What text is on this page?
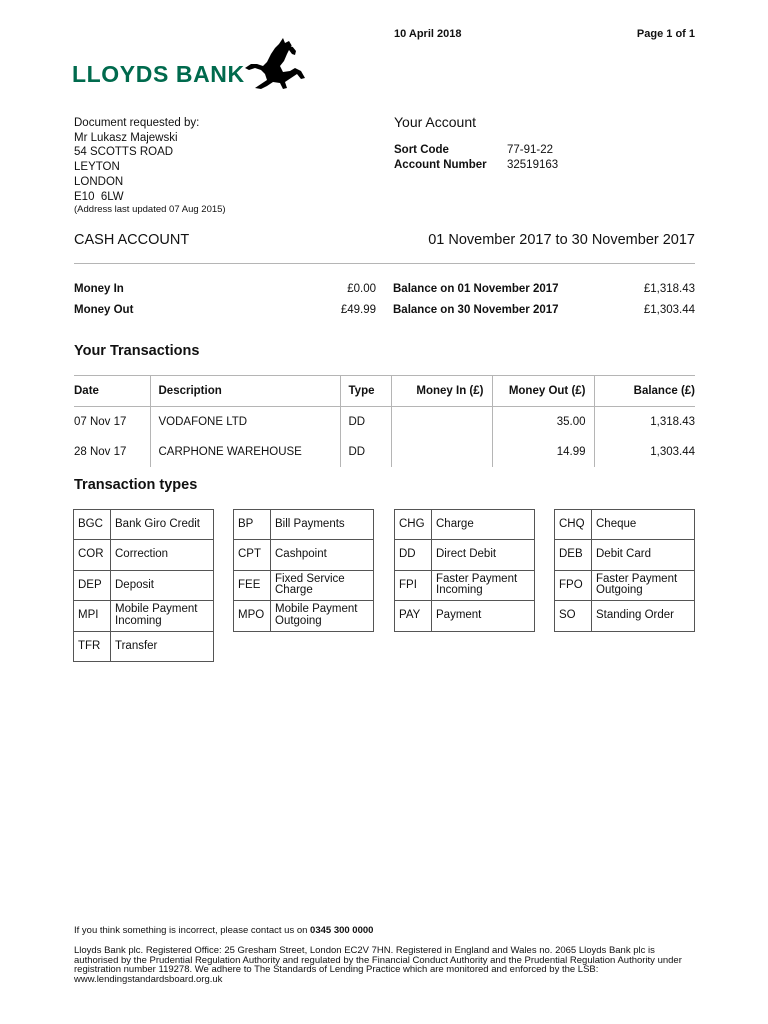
10 April 2018	Page 1 of 1
LLOYDS BANK
Document requested by:
Mr Lukasz Majewski
54 SCOTTS ROAD
LEYTON
LONDON
E10  6LW
(Address last updated 07 Aug 2015)
Your Account
Sort Code	77-91-22
Account Number 32519163
CASH ACCOUNT	01 November 2017 to 30 November 2017
Money In	£0.00
Money Out	£49.99
Balance on 01 November 2017	£1,318.43
Balance on 30 November 2017	£1,303.44
Your Transactions
Date	Description	Type	Money In (£)	Money Out (£)	Balance (£)
07 Nov 17	VODAFONE LTD	DD		35.00	1,318.43
28 Nov 17	CARPHONE WAREHOUSE	DD		14.99	1,303.44
Transaction types
BGC	Bank Giro Credit
COR	Correction
DEP	Deposit
MPI	Mobile Payment Incoming
TFR	Transfer
BP	Bill Payments
CPT	Cashpoint
FEE	Fixed Service Charge
MPO	Mobile Payment Outgoing
CHG	Charge
DD	Direct Debit
FPI	Faster Payment Incoming
PAY	Payment
CHQ	Cheque
DEB	Debit Card
FPO	Faster Payment Outgoing
SO	Standing Order
If you think something is incorrect, please contact us on 0345 300 0000
Lloyds Bank plc. Registered Office: 25 Gresham Street, London EC2V 7HN. Registered in England and Wales no. 2065 Lloyds Bank plc is authorised by the Prudential Regulation Authority and regulated by the Financial Conduct Authority and the Prudential Regulation Authority under registration number 119278. We adhere to The Standards of Lending Practice which are monitored and enforced by the LSB: www.lendingstandardsboard.org.uk
